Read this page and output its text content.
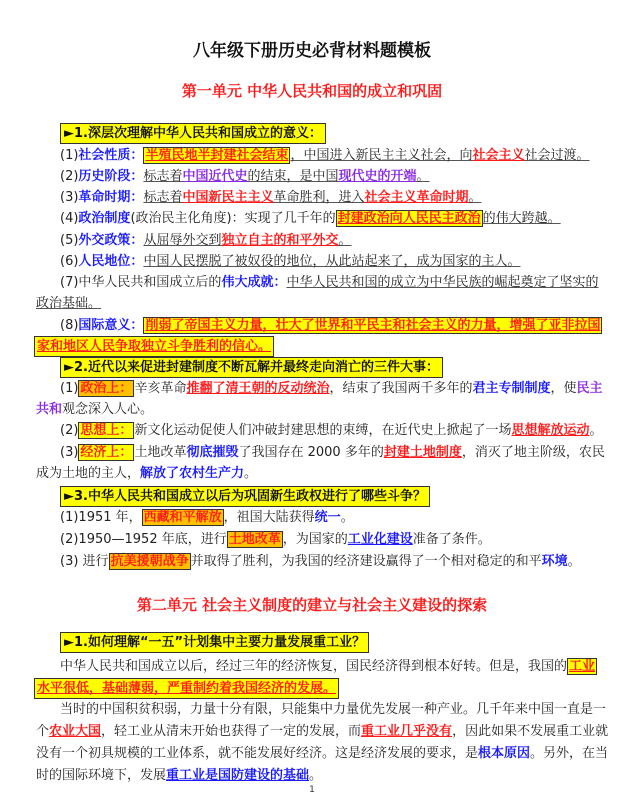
八年级下册历史必背材料题模板
第一单元 中华人民共和国的成立和巩固
►1.深层次理解中华人民共和国成立的意义：
(1)社会性质： 半殖民地半封建社会结束 ，中国进入新民主主义社会，向社会主义社会过渡。
(2)历史阶段：标志着中国近代史的结束，是中国现代史的开端。
(3)革命时期：标志着中国新民主主义革命胜利，进入社会主义革命时期。
(4)政治制度(政治民主化角度)：实现了几千年的 封建政治向人民民主政治 的伟大跨越。
(5)外交政策：从屈辱外交到独立自主的和平外交。
(6)人民地位：中国人民摆脱了被奴役的地位，从此站起来了，成为国家的主人。
(7)中华人民共和国成立后的伟大成就：中华人民共和国的成立为中华民族的崛起奠定了坚实的
政治基础。
(8)国际意义： 削弱了帝国主义力量，壮大了世界和平民主和社会主义的力量，增强了亚非拉国
家和地区人民争取独立斗争胜利的信心。
►2.近代以来促进封建制度不断瓦解并最终走向消亡的三件大事：
(1) 政治上： 辛亥革命推翻了清王朝的反动统治，结束了我国两千多年的君主专制制度，使民主
共和观念深入人心。
(2) 思想上： 新文化运动促使人们冲破封建思想的束缚，在近代史上掀起了一场思想解放运动。
(3) 经济上： 土地改革彻底摧毁了我国存在 2000 多年的封建土地制度，消灭了地主阶级，农民
成为土地的主人，解放了农村生产力。
►3.中华人民共和国成立以后为巩固新生政权进行了哪些斗争？
(1)1951 年， 西藏和平解放 ，祖国大陆获得统一。
(2)1950—1952 年底，进行 土地改革 ，为国家的工业化建设准备了条件。
(3) 进行 抗美援朝战争 并取得了胜利，为我国的经济建设赢得了一个相对稳定的和平环境。
第二单元 社会主义制度的建立与社会主义建设的探索
►1.如何理解“一五”计划集中主要力量发展重工业？
中华人民共和国成立以后，经过三年的经济恢复，国民经济得到根本好转。但是，我国的 工业
水平很低，基础薄弱，严重制约着我国经济的发展。
当时的中国积贫积弱，力量十分有限，只能集中力量优先发展一种产业。几千年来中国一直是一
个农业大国，轻工业从清末开始也获得了一定的发展，而重工业几乎没有，因此如果不发展重工业就
没有一个初具规模的工业体系，就不能发展好经济。这是经济发展的要求，是根本原因。另外，在当
时的国际环境下，发展重工业是国防建设的基础。
1
